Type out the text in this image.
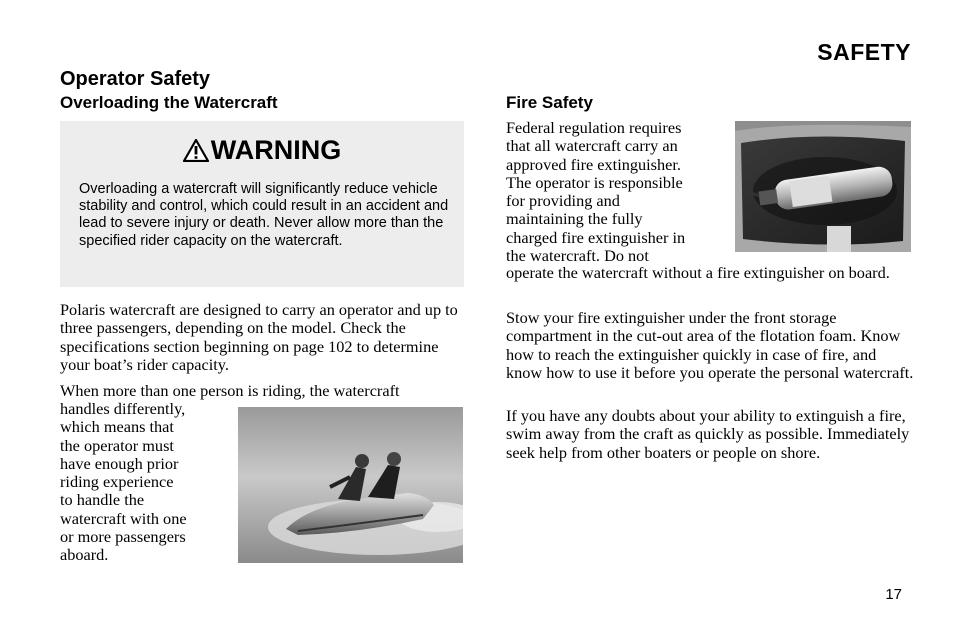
SAFETY
Operator Safety
Overloading the Watercraft
WARNING
Overloading a watercraft will significantly reduce vehicle stability and control, which could result in an accident and lead to severe injury or death. Never allow more than the specified rider capacity on the watercraft.
Polaris watercraft are designed to carry an operator and up to three passengers, depending on the model. Check the specifications section beginning on page 102 to determine your boat’s rider capacity.
When more than one person is riding, the watercraft
handles differently,
which means that
the operator must
have enough prior
riding experience
to handle the
watercraft with one
or more passengers
aboard.
Fire Safety
Federal regulation requires
that all watercraft carry an
approved fire extinguisher.
The operator is responsible
for providing and
maintaining the fully
charged fire extinguisher in
the watercraft. Do not
operate the watercraft without a fire extinguisher on board.
Stow your fire extinguisher under the front storage compartment in the cut-out area of the flotation foam. Know how to reach the extinguisher quickly in case of fire, and know how to use it before you operate the personal watercraft.
If you have any doubts about your ability to extinguish a fire, swim away from the craft as quickly as possible. Immediately seek help from other boaters or people on shore.
17
